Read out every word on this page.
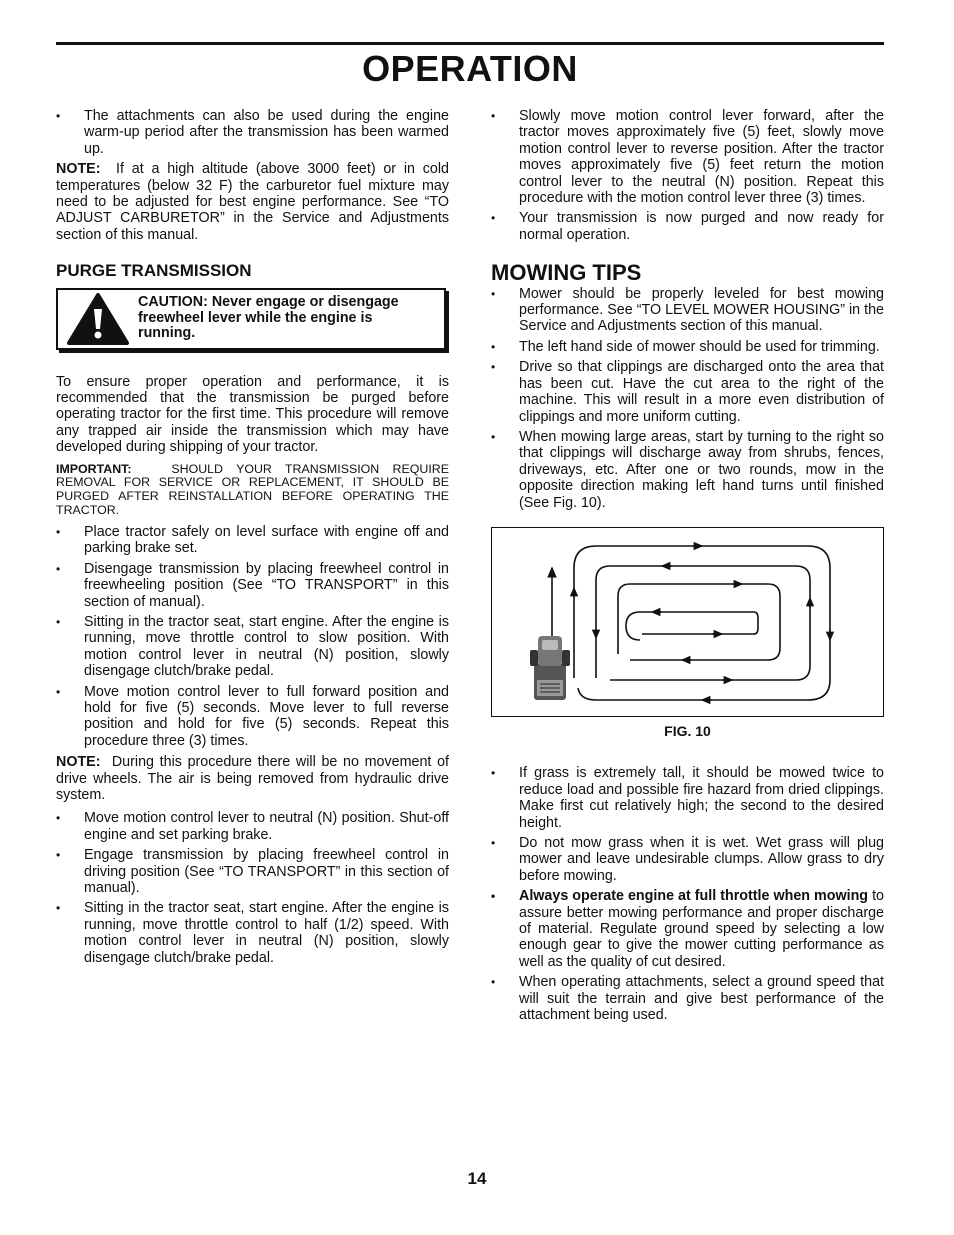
OPERATION
•	The attachments can also be used during the engine warm-up period after the transmission has been warmed up.

NOTE: If at a high altitude (above 3000 feet) or in cold temperatures (below 32 F) the carburetor fuel mixture may need to be adjusted for best engine performance. See “TO ADJUST CARBURETOR” in the Service and Adjustments section of this manual.

PURGE TRANSMISSION
CAUTION: Never engage or disengage freewheel lever while the engine is running.

To ensure proper operation and performance, it is recommended that the transmission be purged before operating tractor for the first time. This procedure will remove any trapped air inside the transmission which may have developed during shipping of your tractor.

IMPORTANT:	SHOULD YOUR TRANSMISSION REQUIRE REMOVAL FOR SERVICE OR REPLACEMENT, IT SHOULD BE PURGED AFTER REINSTALLATION BEFORE OPERATING THE TRACTOR.
•	Place tractor safely on level surface with engine off and parking brake set.
•	Disengage transmission by placing freewheel control in freewheeling position (See “TO TRANSPORT” in this section of manual).
•	Sitting in the tractor seat, start engine. After the engine is running, move throttle control to slow position. With motion control lever in neutral (N) position, slowly disengage clutch/brake pedal.
•	Move motion control lever to full forward position and hold for five (5) seconds. Move lever to full reverse position and hold for five (5) seconds. Repeat this procedure three (3) times.

NOTE: During this procedure there will be no movement of drive wheels. The air is being removed from hydraulic drive system.

•	Move motion control lever to neutral (N) position. Shut-off engine and set parking brake.
•	Engage transmission by placing freewheel control in driving position (See “TO TRANSPORT” in this section of manual).
•	Sitting in the tractor seat, start engine. After the engine is running, move throttle control to half (1/2) speed. With motion control lever in neutral (N) position, slowly disengage clutch/brake pedal.
•	Slowly move motion control lever forward, after the tractor moves approximately five (5) feet, slowly move motion control lever to reverse position. After the tractor moves approximately five (5) feet return the motion control lever to the neutral (N) position. Repeat this procedure with the motion control lever three (3) times.
•	Your transmission is now purged and now ready for normal operation.
MOWING TIPS
•	Mower should be properly leveled for best mowing performance. See “TO LEVEL MOWER HOUSING” in the Service and Adjustments section of this manual.
•	The left hand side of mower should be used for trimming.
•	Drive so that clippings are discharged onto the area that has been cut. Have the cut area to the right of the machine. This will result in a more even distribution of clippings and more uniform cutting.
•	When mowing large areas, start by turning to the right so that clippings will discharge away from shrubs, fences, driveways, etc. After one or two rounds, mow in the opposite direction making left hand turns until finished (See Fig. 10).
FIG. 10
•	If grass is extremely tall, it should be mowed twice to reduce load and possible fire hazard from dried clippings. Make first cut relatively high; the second to the desired height.
•	Do not mow grass when it is wet. Wet grass will plug mower and leave undesirable clumps. Allow grass to dry before mowing.
•	Always operate engine at full throttle when mowing to assure better mowing performance and proper discharge of material. Regulate ground speed by selecting a low enough gear to give the mower cutting performance as well as the quality of cut desired.
•	When operating attachments, select a ground speed that will suit the terrain and give best performance of the attachment being used.
14
